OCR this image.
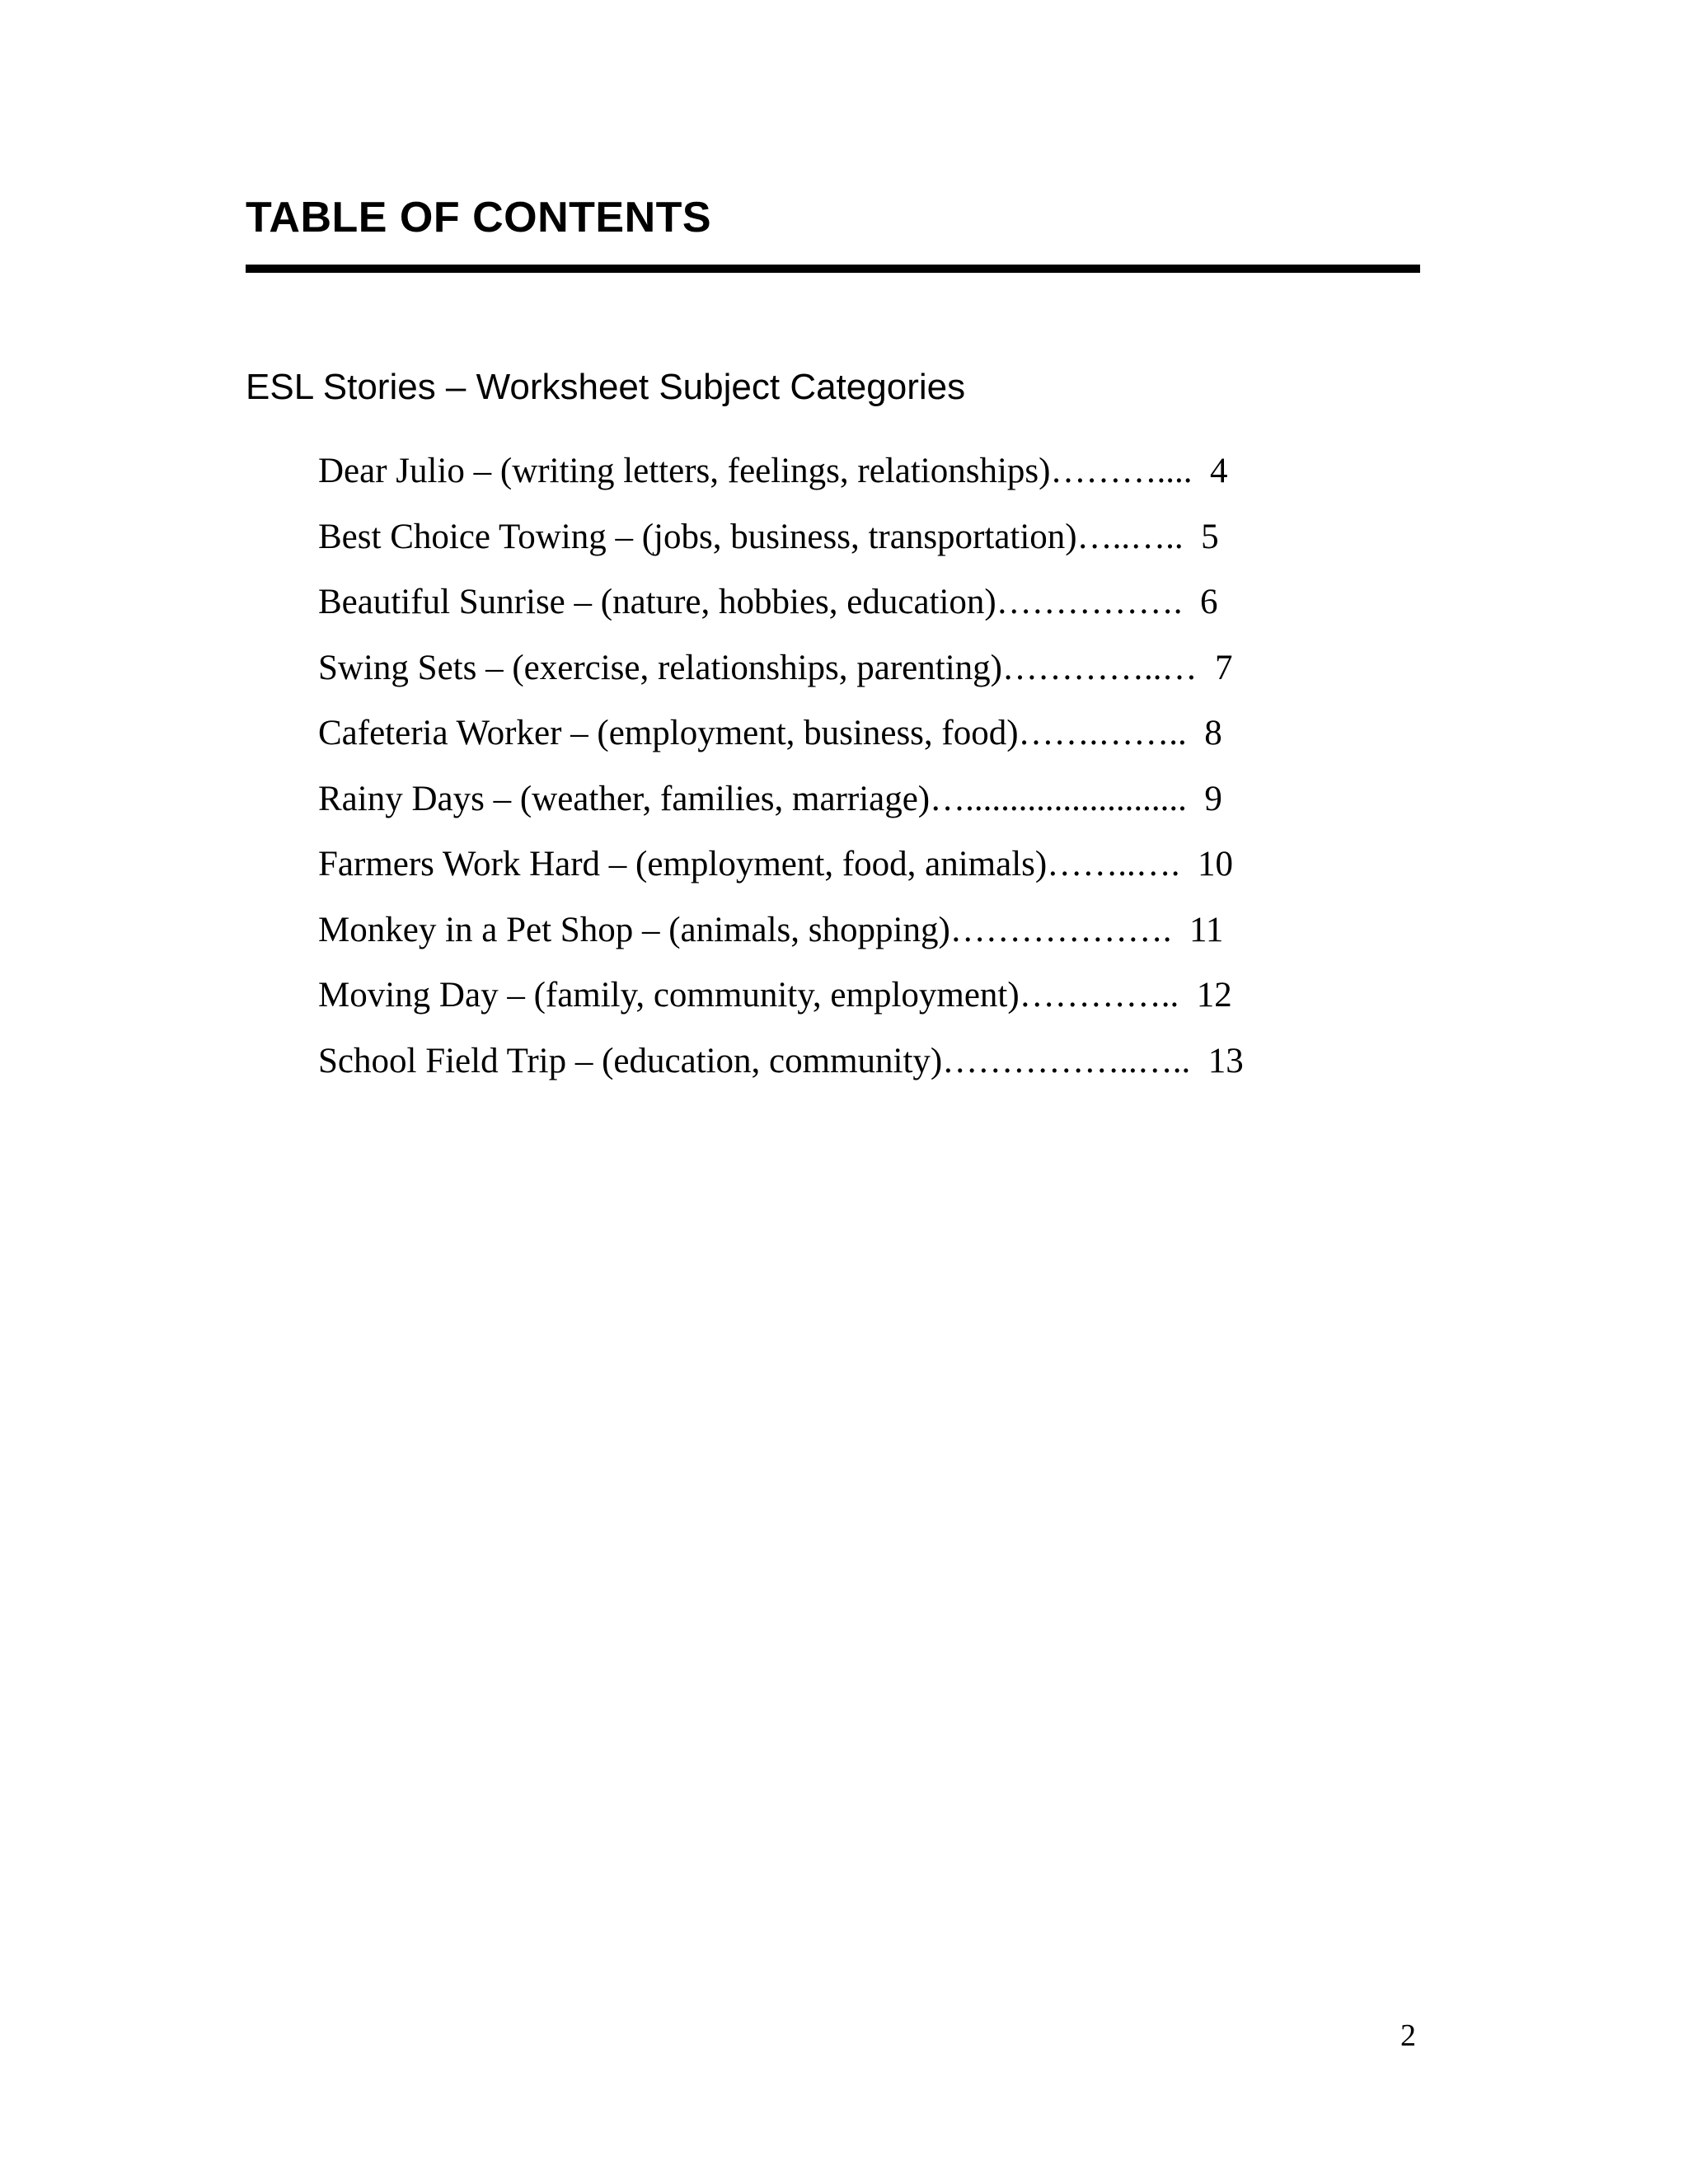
TABLE OF CONTENTS
ESL Stories – Worksheet Subject Categories
Dear Julio – (writing letters, feelings, relationships)………....  4
Best Choice Towing – (jobs, business, transportation)…..…..  5
Beautiful Sunrise – (nature, hobbies, education)…………….  6
Swing Sets – (exercise, relationships, parenting)…………..…  7
Cafeteria Worker – (employment, business, food)…….……..  8
Rainy Days – (weather, families, marriage)….........................  9
Farmers Work Hard – (employment, food, animals)……..….  10
Monkey in a Pet Shop – (animals, shopping)……………….  11
Moving Day – (family, community, employment)…………..  12
School Field Trip – (education, community)……………..…..  13

2
